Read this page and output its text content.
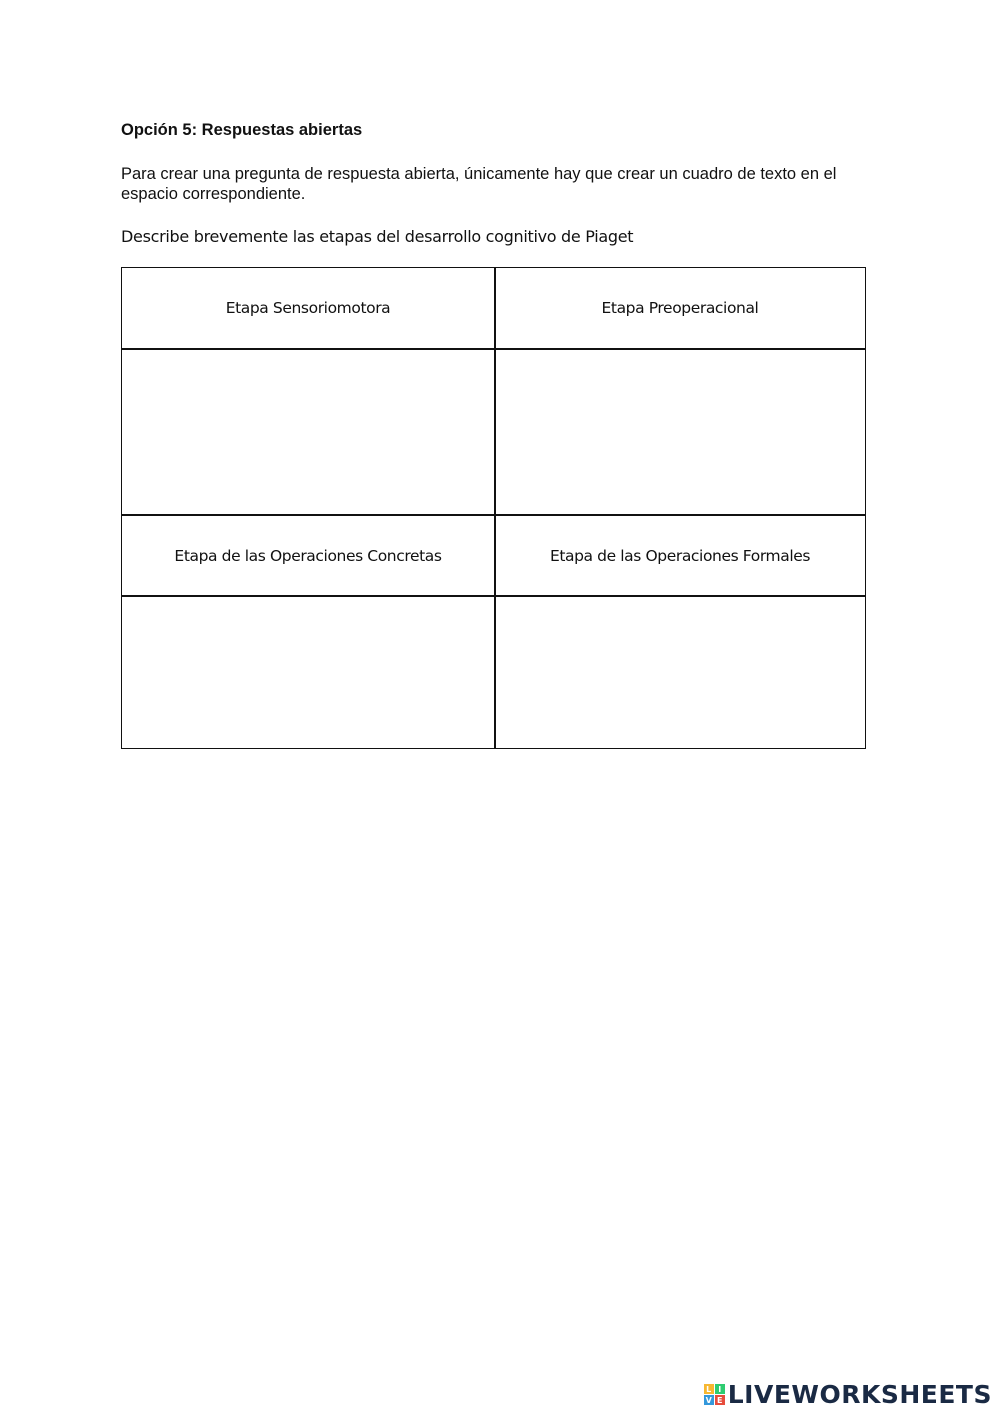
Opción 5: Respuestas abiertas
Para crear una pregunta de respuesta abierta, únicamente hay que crear un cuadro de texto en el espacio correspondiente.
Describe brevemente las etapas del desarrollo cognitivo de Piaget
Etapa Sensoriomotora	Etapa Preoperacional
Etapa de las Operaciones Concretas	Etapa de las Operaciones Formales
L I
V E LIVEWORKSHEETS
